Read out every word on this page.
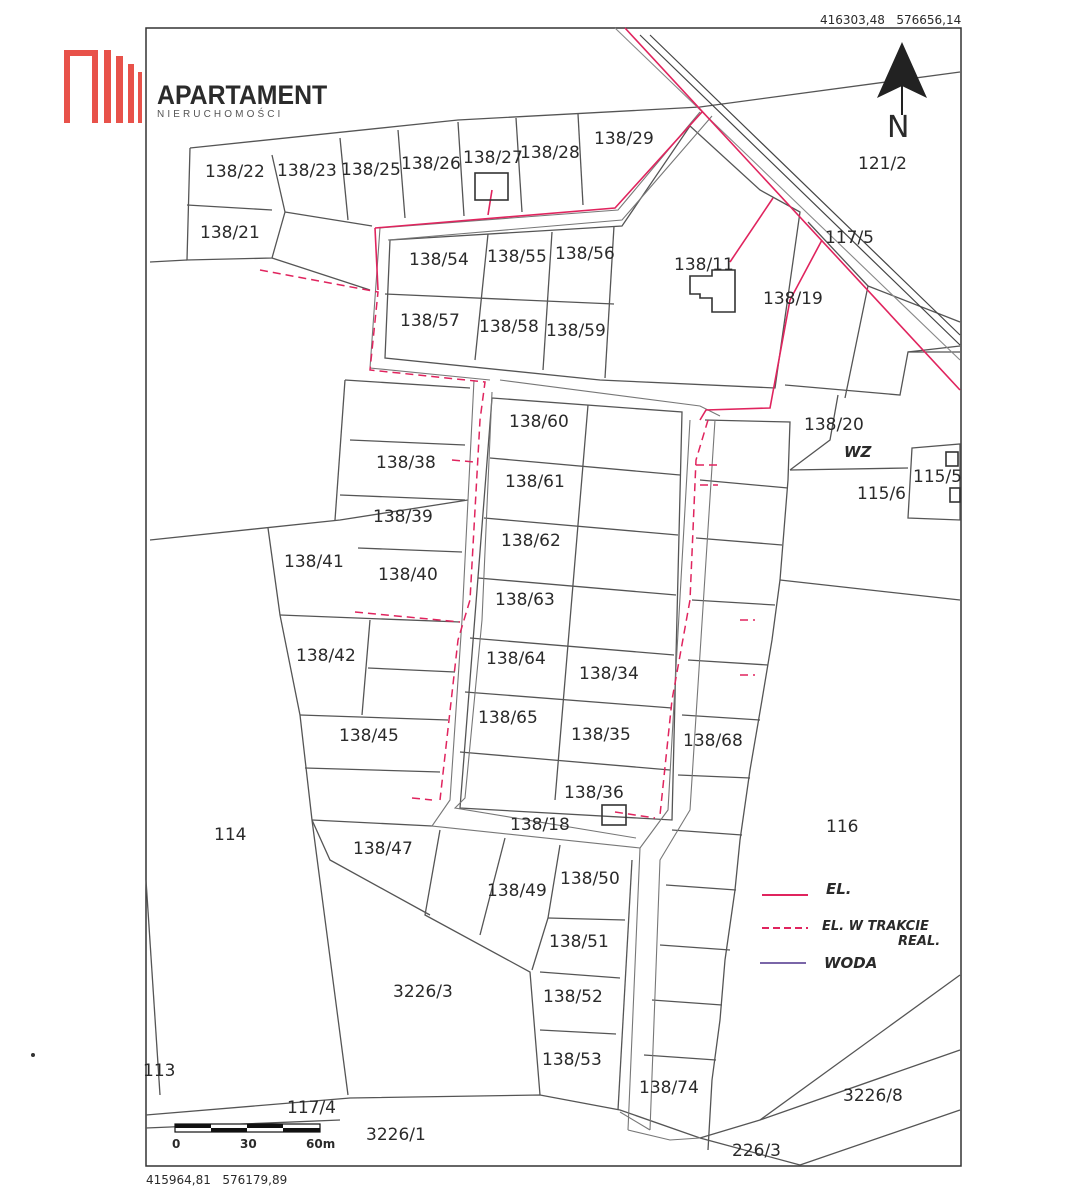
138/22 138/23 138/25 138/26 138/27
138/28
138/29
121/2
138/21	117/5
138/54 138/55 138/56
138/11
138/19
138/57 138/58 138/59
138/60	138/20
138/38
138/61	115/5
115/6
138/39
138/62
138/41
138/40
138/63
138/42	138/64
138/34
138/65
138/35
138/45	138/68
138/36
114	138/18	116
138/47
138/50
138/49
138/51
3226/3	138/52
113
138/53
138/74	3226/8
117/4
3226/1
226/3
WZ
416303,48   576656,14
415964,81   576179,89
N
EL.
EL. W TRAKCIE
REAL.
WODA
0	30	60m
APARTAMENT
NIERUCHOMOŚCI
